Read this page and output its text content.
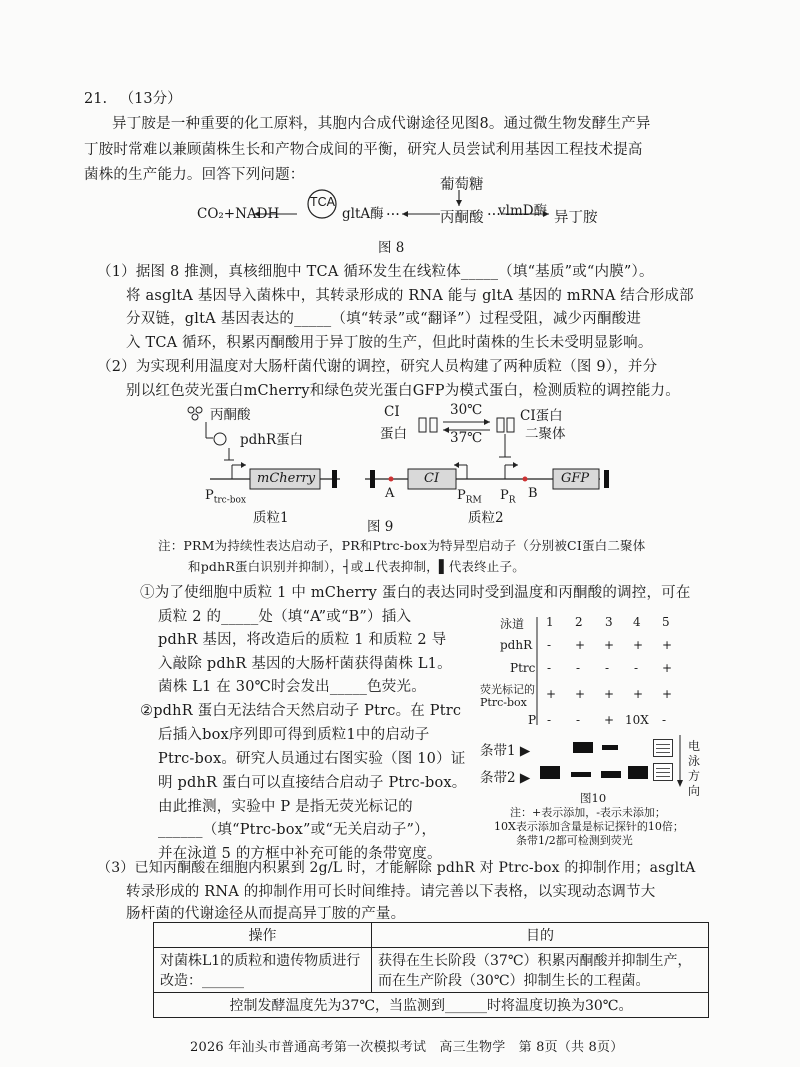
21. （13分）
异丁胺是一种重要的化工原料，其胞内合成代谢途径见图8。通过微生物发酵生产异
丁胺时常难以兼顾菌株生长和产物合成间的平衡，研究人员尝试利用基因工程技术提高
菌株的生产能力。回答下列问题：
葡萄糖
CO₂+NADH
TCA
gltA酶 ···	丙酮酸 ···
vlmD酶 异丁胺
图 8
（1）据图 8 推测，真核细胞中 TCA 循环发生在线粒体_____（填“基质”或“内膜”）。
将 asgltA 基因导入菌株中，其转录形成的 RNA 能与 gltA 基因的 mRNA 结合形成部
分双链，gltA 基因表达的_____（填“转录”或“翻译”）过程受阻，减少丙酮酸进
入 TCA 循环，积累丙酮酸用于异丁胺的生产，但此时菌株的生长未受明显影响。
（2）为实现利用温度对大肠杆菌代谢的调控，研究人员构建了两种质粒（图 9），并分
别以红色荧光蛋白mCherry和绿色荧光蛋白GFP为模式蛋白，检测质粒的调控能力。
丙酮酸
pdhR蛋白
mCherry
$P_{trc-box}$
质粒1
CI
蛋白
30℃
37℃
CI蛋白
二聚体
A
CI
$P_{RM}$ $P_R$ B
GFP
质粒2
图 9
注：PRM为持续性表达启动子，PR和Ptrc-box为特异型启动子（分别被CI蛋白二聚体
和pdhR蛋白识别并抑制），┤或⊥代表抑制，▌代表终止子。
①为了使细胞中质粒 1 中 mCherry 蛋白的表达同时受到温度和丙酮酸的调控，可在
质粒 2 的_____处（填“A”或“B”）插入
pdhR 基因，将改造后的质粒 1 和质粒 2 导
入敲除 pdhR 基因的大肠杆菌获得菌株 L1。
菌株 L1 在 30℃时会发出_____色荧光。
②pdhR 蛋白无法结合天然启动子 Ptrc。在 Ptrc
后插入box序列即可得到质粒1中的启动子
Ptrc-box。研究人员通过右图实验（图 10）证
明 pdhR 蛋白可以直接结合启动子 Ptrc-box。
由此推测，实验中 P 是指无荧光标记的
______（填“Ptrc-box”或“无关启动子”），
并在泳道 5 的方框中补充可能的条带宽度。
泳道 1 2 3 4 5
pdhR - + + + +
Ptrc - - - - +
荧光标记的Ptrc-box
+ + + + +
P - - + 10X -
条带1 ▶
条带2 ▶
电泳方向
图10
注：+表示添加，-表示未添加；
10X表示添加含量是标记探针的10倍；
条带1/2都可检测到荧光
（3）已知丙酮酸在细胞内积累到 2g/L 时，才能解除 pdhR 对 Ptrc-box 的抑制作用；asgltA
转录形成的 RNA 的抑制作用可长时间维持。请完善以下表格，以实现动态调节大
肠杆菌的代谢途径从而提高异丁胺的产量。
操作	目的
对菌株L1的质粒和遗传物质进行改造：______	获得在生长阶段（37℃）积累丙酮酸并抑制生产，而在生产阶段（30℃）抑制生长的工程菌。
控制发酵温度先为37℃，当监测到______时将温度切换为30℃。	
2026 年汕头市普通高考第一次模拟考试　高三生物学　第 8页（共 8页）
